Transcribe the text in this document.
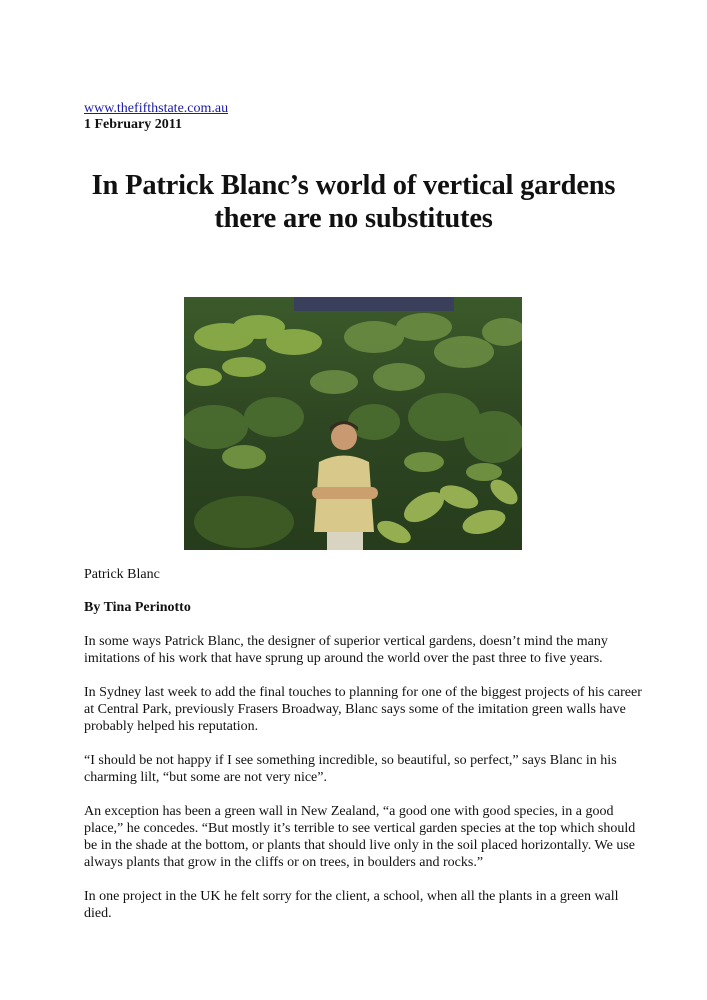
www.thefifthstate.com.au
1 February 2011
In Patrick Blanc’s world of vertical gardens
there are no substitutes
Patrick Blanc
By Tina Perinotto

In some ways Patrick Blanc, the designer of superior vertical gardens, doesn’t mind the many imitations of his work that have sprung up around the world over the past three to five years.

In Sydney last week to add the final touches to planning for one of the biggest projects of his career at Central Park, previously Frasers Broadway, Blanc says some of the imitation green walls have probably helped his reputation.

“I should be not happy if I see something incredible, so beautiful, so perfect,” says Blanc in his charming lilt, “but some are not very nice”.

An exception has been a green wall in New Zealand, “a good one with good species, in a good place,” he concedes. “But mostly it’s terrible to see vertical garden species at the top which should be in the shade at the bottom, or plants that should live only in the soil placed horizontally. We use always plants that grow in the cliffs or on trees, in boulders and rocks.”

In one project in the UK he felt sorry for the client, a school, when all the plants in a green wall died.
